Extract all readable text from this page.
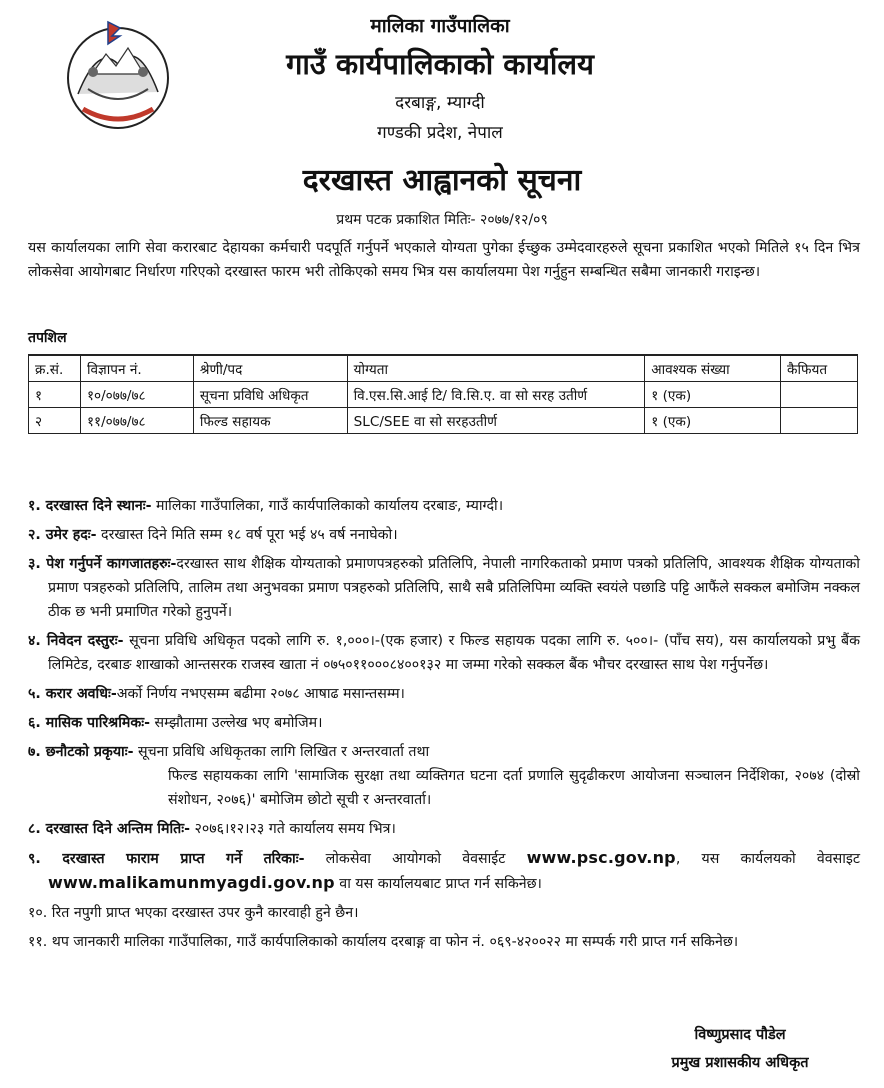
मालिका गाउँपालिका
गाउँ कार्यपालिकाको कार्यालय
दरबाङ्ग, म्याग्दी
गण्डकी प्रदेश, नेपाल
दरखास्त आह्वानको सूचना
प्रथम पटक प्रकाशित मितिः- २०७७/१२/०९
यस कार्यालयका लागि सेवा करारबाट देहायका कर्मचारी पदपूर्ति गर्नुपर्ने भएकाले योग्यता पुगेका ईच्छुक उम्मेदवारहरुले सूचना प्रकाशित भएको मितिले १५ दिन भित्र लोकसेवा आयोगबाट निर्धारण गरिएको दरखास्त फारम भरी तोकिएको समय भित्र यस कार्यालयमा पेश गर्नुहुन सम्बन्धित सबैमा जानकारी गराइन्छ।
तपशिल
क्र.सं.	विज्ञापन नं.	श्रेणी/पद	योग्यता	आवश्यक संख्या	कैफियत
१	१०/०७७/७८	सूचना प्रविधि अधिकृत	वि.एस.सि.आई टि/ वि.सि.ए. वा सो सरह उतीर्ण	१ (एक)	
२	११/०७७/७८	फिल्ड सहायक	SLC/SEE वा सो सरहउतीर्ण	१ (एक)	

१. दरखास्त दिने स्थानः- मालिका गाउँपालिका, गाउँ कार्यपालिकाको कार्यालय दरबाङ, म्याग्दी।

२. उमेर हदः- दरखास्त दिने मिति सम्म १८ वर्ष पूरा भई ४५ वर्ष ननाघेको।

३. पेश गर्नुपर्ने कागजातहरुः-दरखास्त साथ शैक्षिक योग्यताको प्रमाणपत्रहरुको प्रतिलिपि, नेपाली नागरिकताको प्रमाण पत्रको प्रतिलिपि, आवश्यक शैक्षिक योग्यताको प्रमाण पत्रहरुको प्रतिलिपि, तालिम तथा अनुभवका प्रमाण पत्रहरुको प्रतिलिपि, साथै सबै प्रतिलिपिमा व्यक्ति स्वयंले पछाडि पट्टि आफैंले सक्कल बमोजिम नक्कल ठीक छ भनी प्रमाणित गरेको हुनुपर्ने।

४. निवेदन दस्तुरः- सूचना प्रविधि अधिकृत पदको लागि रु. १,०००।-(एक हजार) र फिल्ड सहायक पदका लागि रु. ५००।- (पाँच सय), यस कार्यालयको प्रभु बैंक लिमिटेड, दरबाङ शाखाको आन्तसरक राजस्व खाता नं ०७५०११०००८४००१३२ मा जम्मा गरेको सक्कल बैंक भौचर दरखास्त साथ पेश गर्नुपर्नेछ।

५. करार अवधिः-अर्को निर्णय नभएसम्म बढीमा २०७८ आषाढ मसान्तसम्म।

६. मासिक पारिश्रमिकः- सम्झौतामा उल्लेख भए बमोजिम।

७. छनौटको प्रकृयाः- सूचना प्रविधि अधिकृतका लागि लिखित र अन्तरवार्ता तथा
फिल्ड सहायकका लागि 'सामाजिक सुरक्षा तथा व्यक्तिगत घटना दर्ता प्रणालि सुदृढीकरण आयोजना सञ्चालन निर्देशिका, २०७४ (दोस्रो संशोधन, २०७६)' बमोजिम छोटो सूची र अन्तरवार्ता।

८. दरखास्त दिने अन्तिम मितिः- २०७६।१२।२३ गते कार्यालय समय भित्र।

९. दरखास्त फाराम प्राप्त गर्ने तरिकाः- लोकसेवा आयोगको वेवसाईट www.psc.gov.np, यस कार्यलयको वेवसाइट www.malikamunmyagdi.gov.np वा यस कार्यालयबाट प्राप्त गर्न सकिनेछ।

१०. रित नपुगी प्राप्त भएका दरखास्त उपर कुनै कारवाही हुने छैन।

११. थप जानकारी मालिका गाउँपालिका, गाउँ कार्यपालिकाको कार्यालय दरबाङ्ग वा फोन नं. ०६९-४२००२२ मा सम्पर्क गरी प्राप्त गर्न सकिनेछ।

विष्णुप्रसाद पौडेल
प्रमुख प्रशासकीय अधिकृत
